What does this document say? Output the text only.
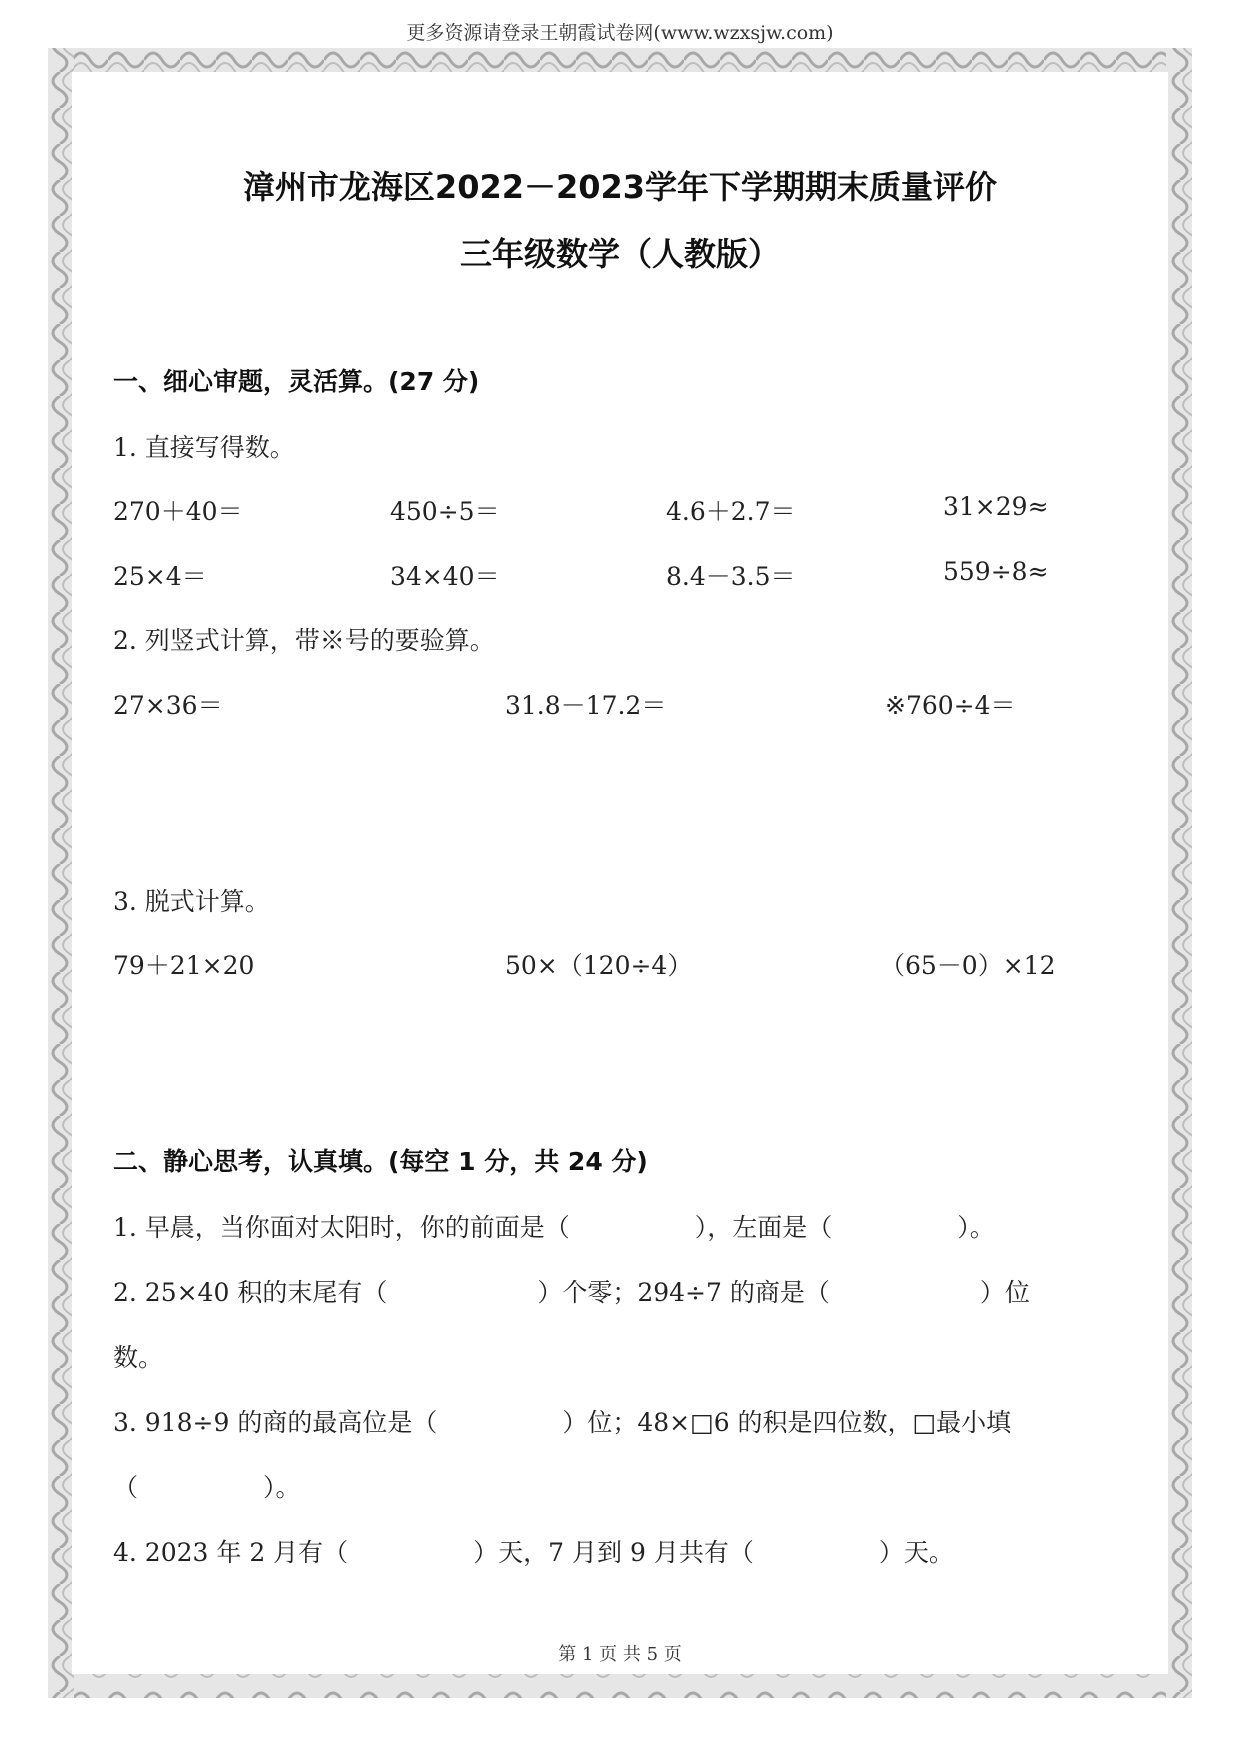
更多资源请登录王朝霞试卷网(www.wzxsjw.com)
漳州市龙海区2022－2023学年下学期期末质量评价
三年级数学（人教版）
一、细心审题，灵活算。(27 分)
1. 直接写得数。
270＋40＝	450÷5＝	4.6＋2.7＝	31×29≈
25×4＝	34×40＝	8.4－3.5＝	559÷8≈
2. 列竖式计算，带※号的要验算。
27×36＝	31.8－17.2＝	※760÷4＝
3. 脱式计算。
79＋21×20	50×（120÷4）	（65－0）×12
二、静心思考，认真填。(每空 1 分，共 24 分)
1. 早晨，当你面对太阳时，你的前面是（　　　　　），左面是（　　　　　）。
2. 25×40 积的末尾有（　　　　　　）个零；294÷7 的商是（　　　　　　）位
数。
3. 918÷9 的商的最高位是（　　　　　）位；48×□6 的积是四位数，□最小填
（　　　　　）。
4. 2023 年 2 月有（　　　　　）天，7 月到 9 月共有（　　　　　）天。
第 1 页 共 5 页
